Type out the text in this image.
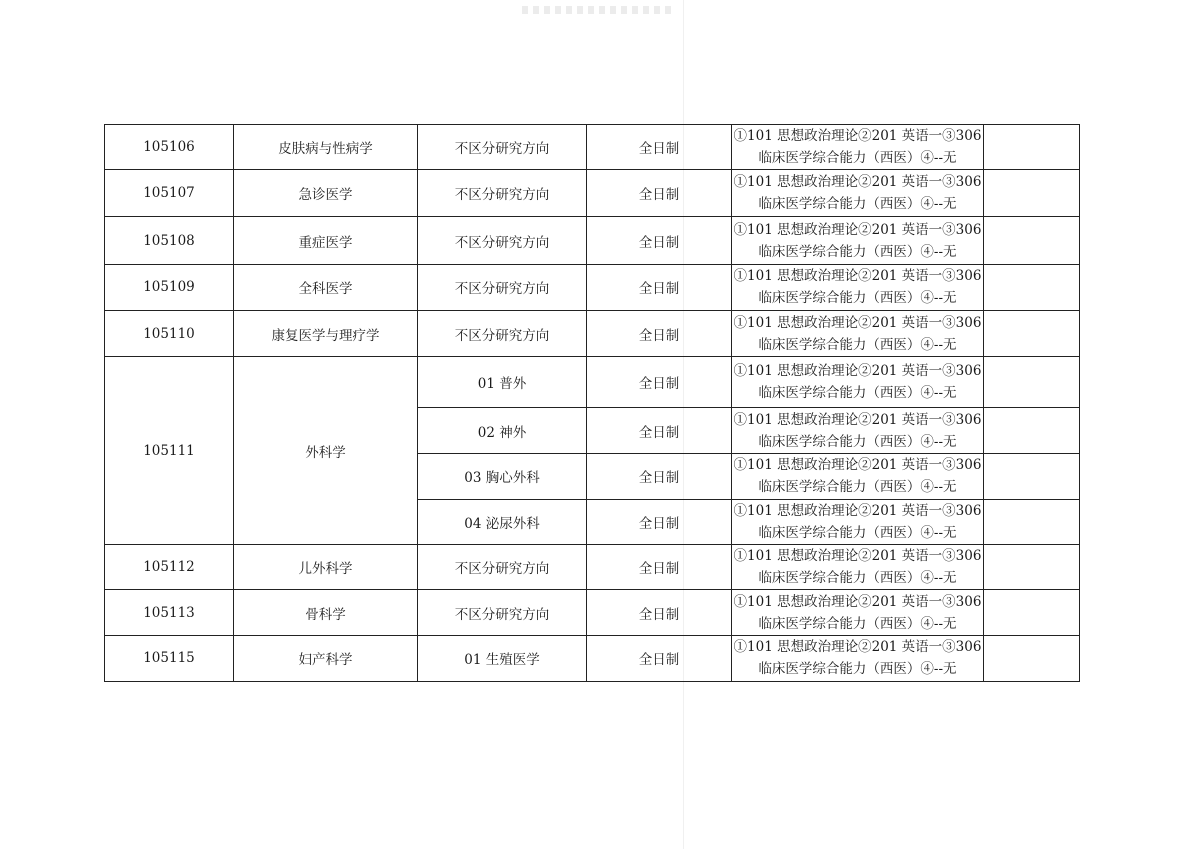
105106	皮肤病与性病学	不区分研究方向	全日制	①101 思想政治理论②201 英语一③306
临床医学综合能力（西医）④--无	

105107	急诊医学	不区分研究方向	全日制	①101 思想政治理论②201 英语一③306
临床医学综合能力（西医）④--无	

105108	重症医学	不区分研究方向	全日制	①101 思想政治理论②201 英语一③306
临床医学综合能力（西医）④--无	

105109	全科医学	不区分研究方向	全日制	①101 思想政治理论②201 英语一③306
临床医学综合能力（西医）④--无	

105110	康复医学与理疗学	不区分研究方向	全日制	①101 思想政治理论②201 英语一③306
临床医学综合能力（西医）④--无	

105111	外科学	01 普外	全日制	①101 思想政治理论②201 英语一③306
临床医学综合能力（西医）④--无	

		02 神外	全日制	①101 思想政治理论②201 英语一③306
临床医学综合能力（西医）④--无	

		03 胸心外科	全日制	①101 思想政治理论②201 英语一③306
临床医学综合能力（西医）④--无	

		04 泌尿外科	全日制	①101 思想政治理论②201 英语一③306
临床医学综合能力（西医）④--无	

105112	儿外科学	不区分研究方向	全日制	①101 思想政治理论②201 英语一③306
临床医学综合能力（西医）④--无	

105113	骨科学	不区分研究方向	全日制	①101 思想政治理论②201 英语一③306
临床医学综合能力（西医）④--无	

105115	妇产科学	01 生殖医学	全日制	①101 思想政治理论②201 英语一③306
临床医学综合能力（西医）④--无	
